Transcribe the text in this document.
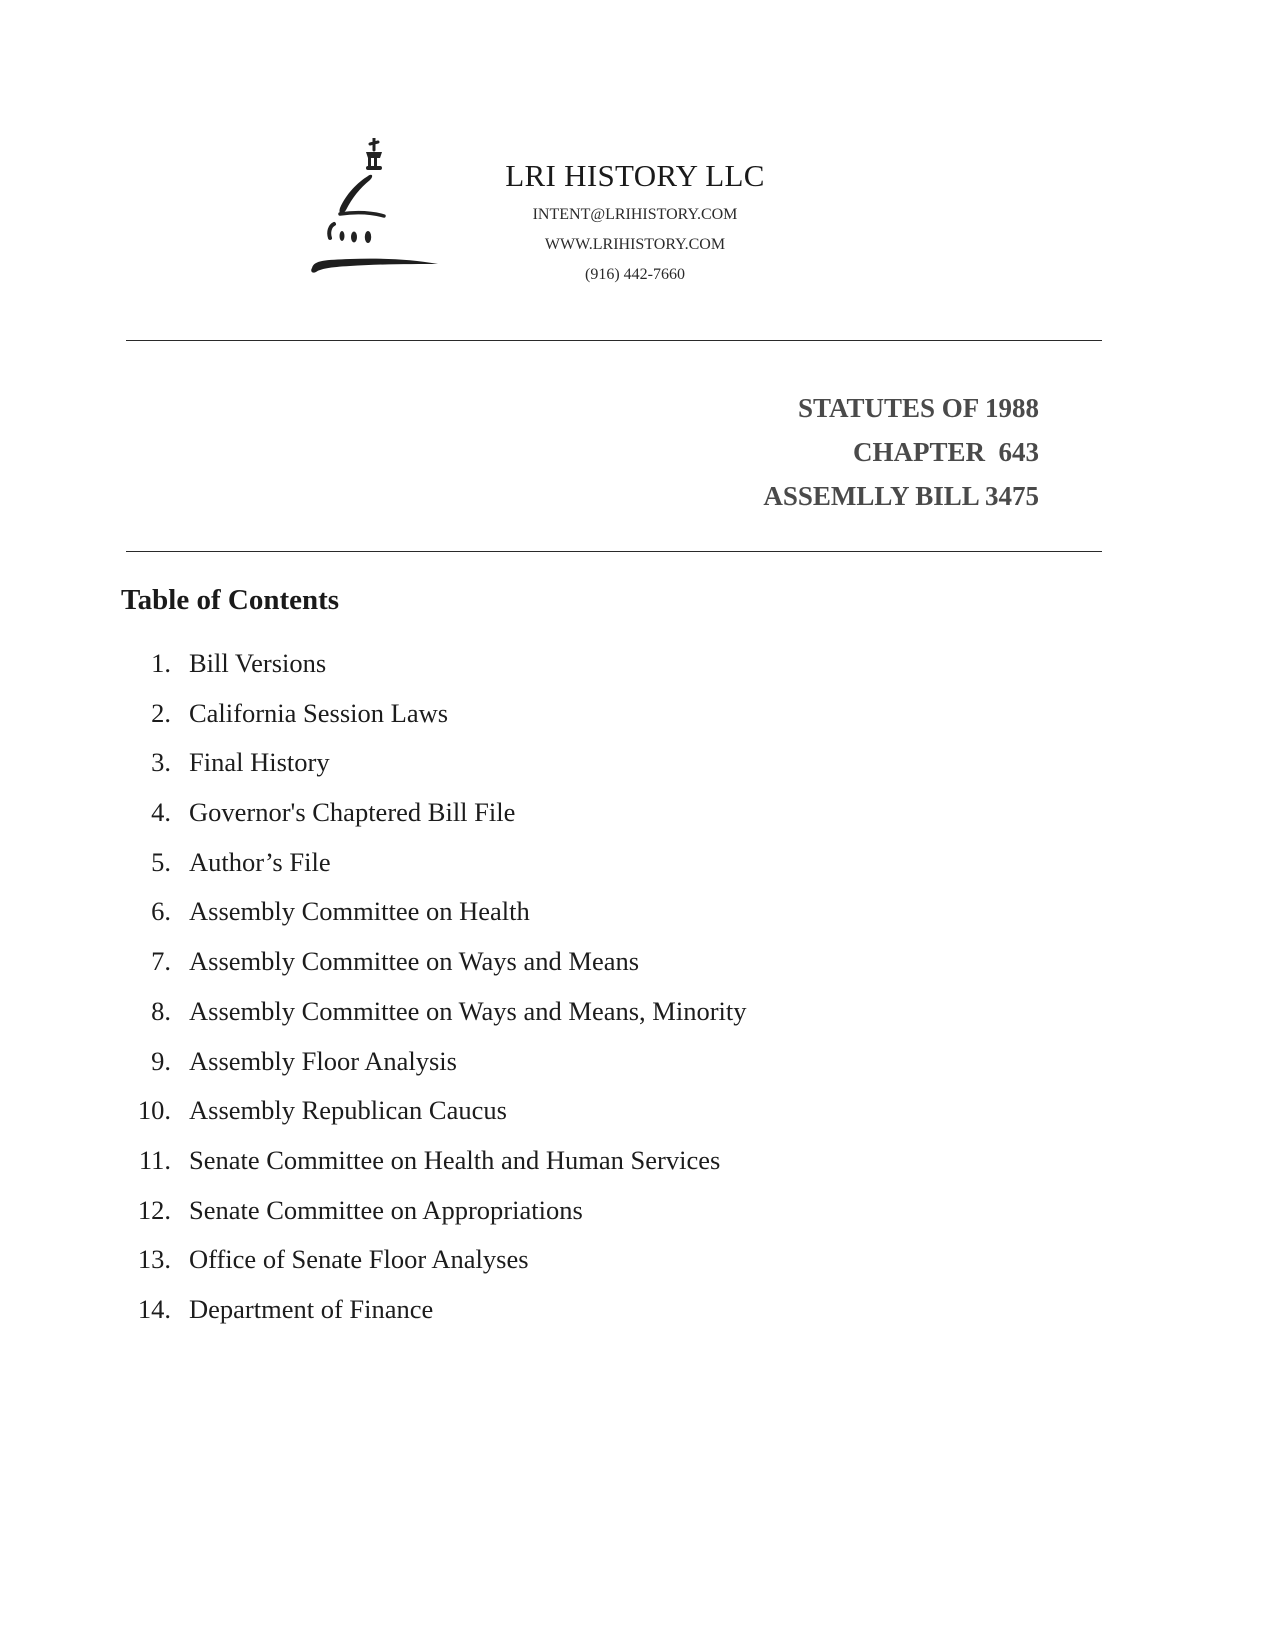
LRI HISTORY LLC
INTENT@LRIHISTORY.COM
WWW.LRIHISTORY.COM
(916) 442-7660
STATUTES OF 1988
CHAPTER  643
ASSEMLLY BILL 3475
Table of Contents
1. Bill Versions
2. California Session Laws
3. Final History
4. Governor's Chaptered Bill File
5. Author’s File
6. Assembly Committee on Health
7. Assembly Committee on Ways and Means
8. Assembly Committee on Ways and Means, Minority
9. Assembly Floor Analysis
10. Assembly Republican Caucus
11. Senate Committee on Health and Human Services
12. Senate Committee on Appropriations
13. Office of Senate Floor Analyses
14. Department of Finance
